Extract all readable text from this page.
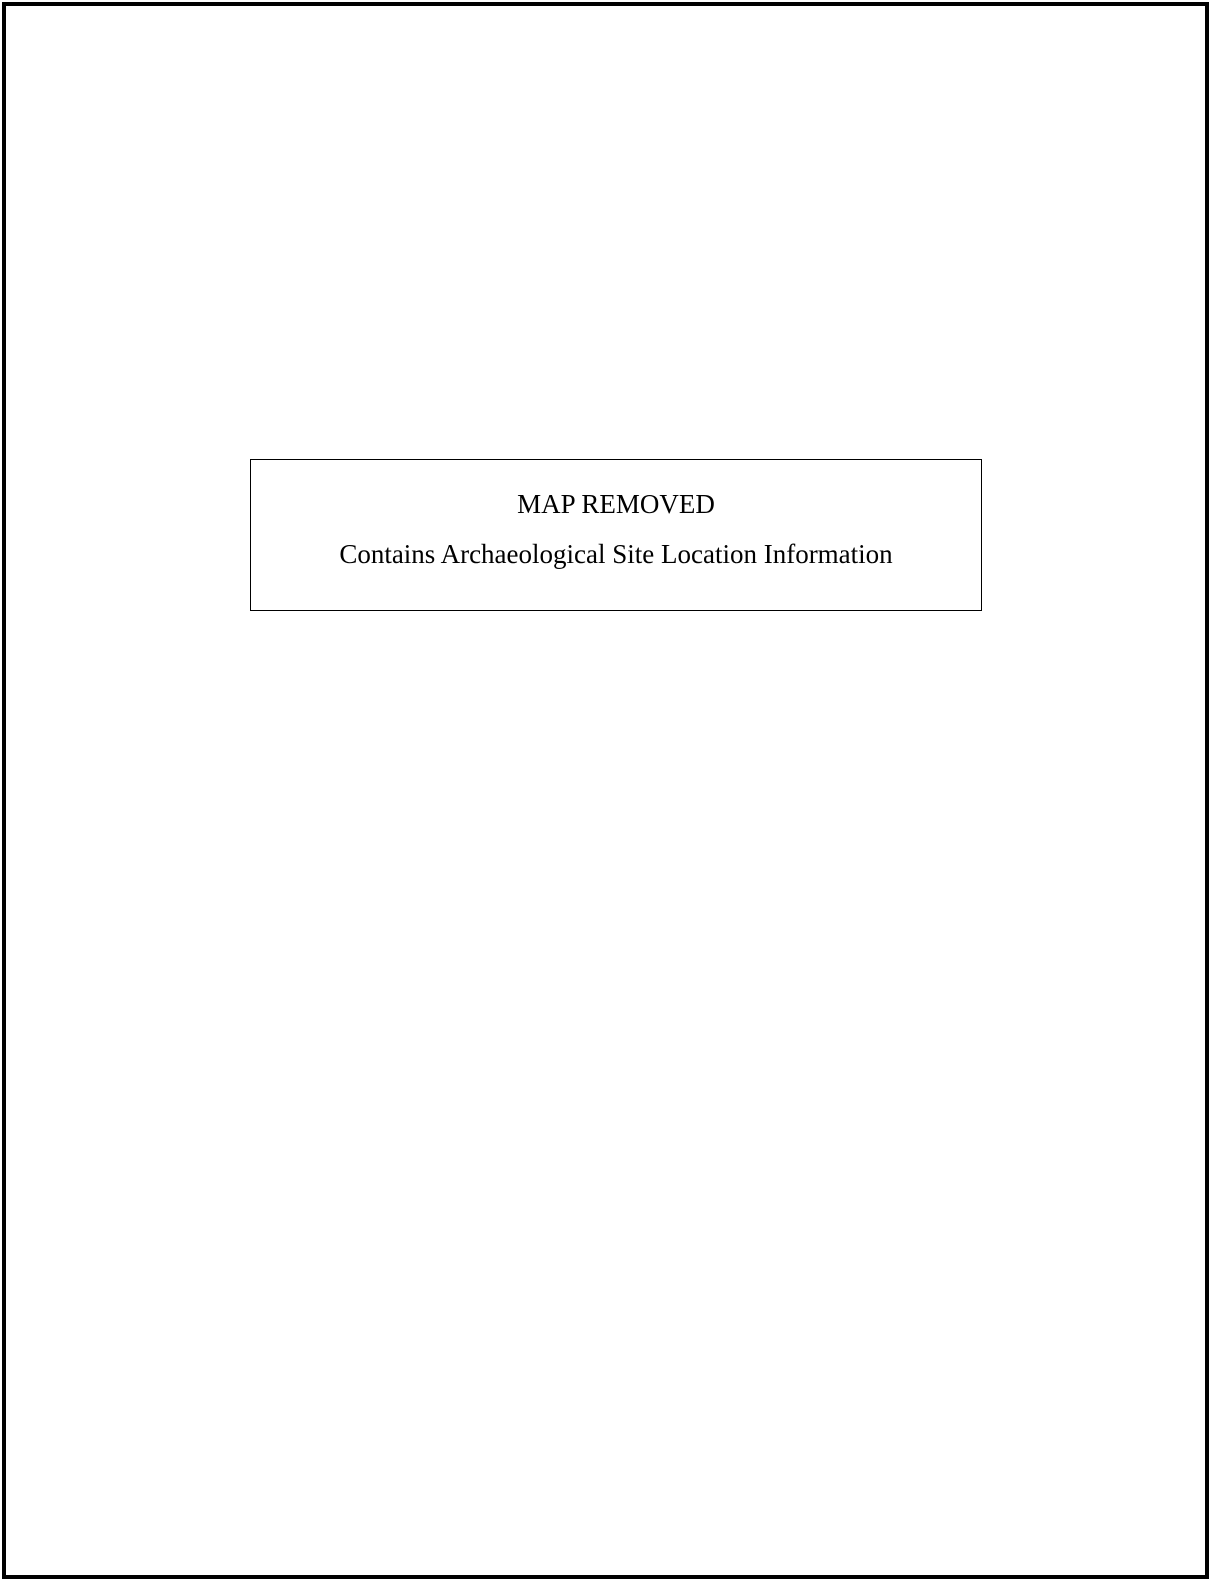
MAP REMOVED
Contains Archaeological Site Location Information
